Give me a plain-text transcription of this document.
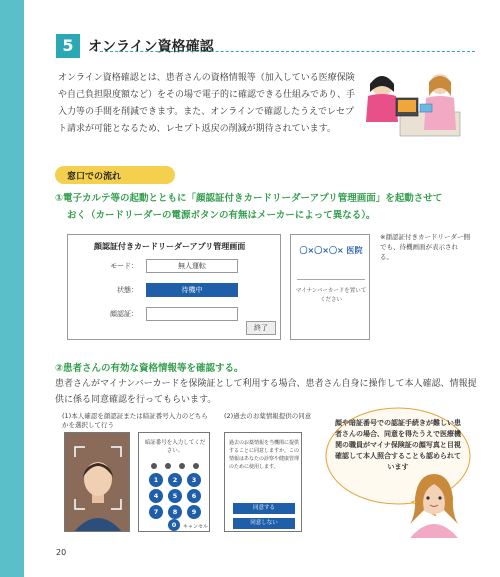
5	オンライン資格確認

オンライン資格確認とは、患者さんの資格情報等（加入している医療保険や自己負担限度額など）をその場で電子的に確認できる仕組みであり、手入力等の手間を削減できます。また、オンラインで確認したうえでレセプト請求が可能となるため、レセプト返戻の削減が期待されています。

窓口での流れ
①電子カルテ等の起動とともに「顔認証付きカードリーダーアプリ管理画面」を起動させて
おく（カードリーダーの電源ボタンの有無はメーカーによって異なる）。
顔認証付きカードリーダーアプリ管理画面
モード：	無人運転
状態：	待機中
顔認証：
終了
〇×〇×〇× 医院
マイナンバーカードを置いてください

※顔認証付きカードリーダー側でも、待機画面が表示される。

②患者さんの有効な資格情報等を確認する。

患者さんがマイナンバーカードを保険証として利用する場合、患者さん自身に操作して本人確認、情報提供に係る同意確認を行ってもらいます。

(1)本人確認を顔認証または暗証番号入力のどちらかを選択して行う

(2)過去のお薬情報提供の同意

暗証番号を入力してください。
1	2	3
4	5	6
7	8	9
0	キャンセル

過去のお薬情報を当機関に提供することに同意しますか。この情報はあなたの診察や健康管理のために使用します。

同意する
同意しない

顔や暗証番号での認証手続きが難しい患者さんの場合、同意を得たうえで医療機関の職員がマイナ保険証の顔写真と目視確認して本人照合することも認められています

20
